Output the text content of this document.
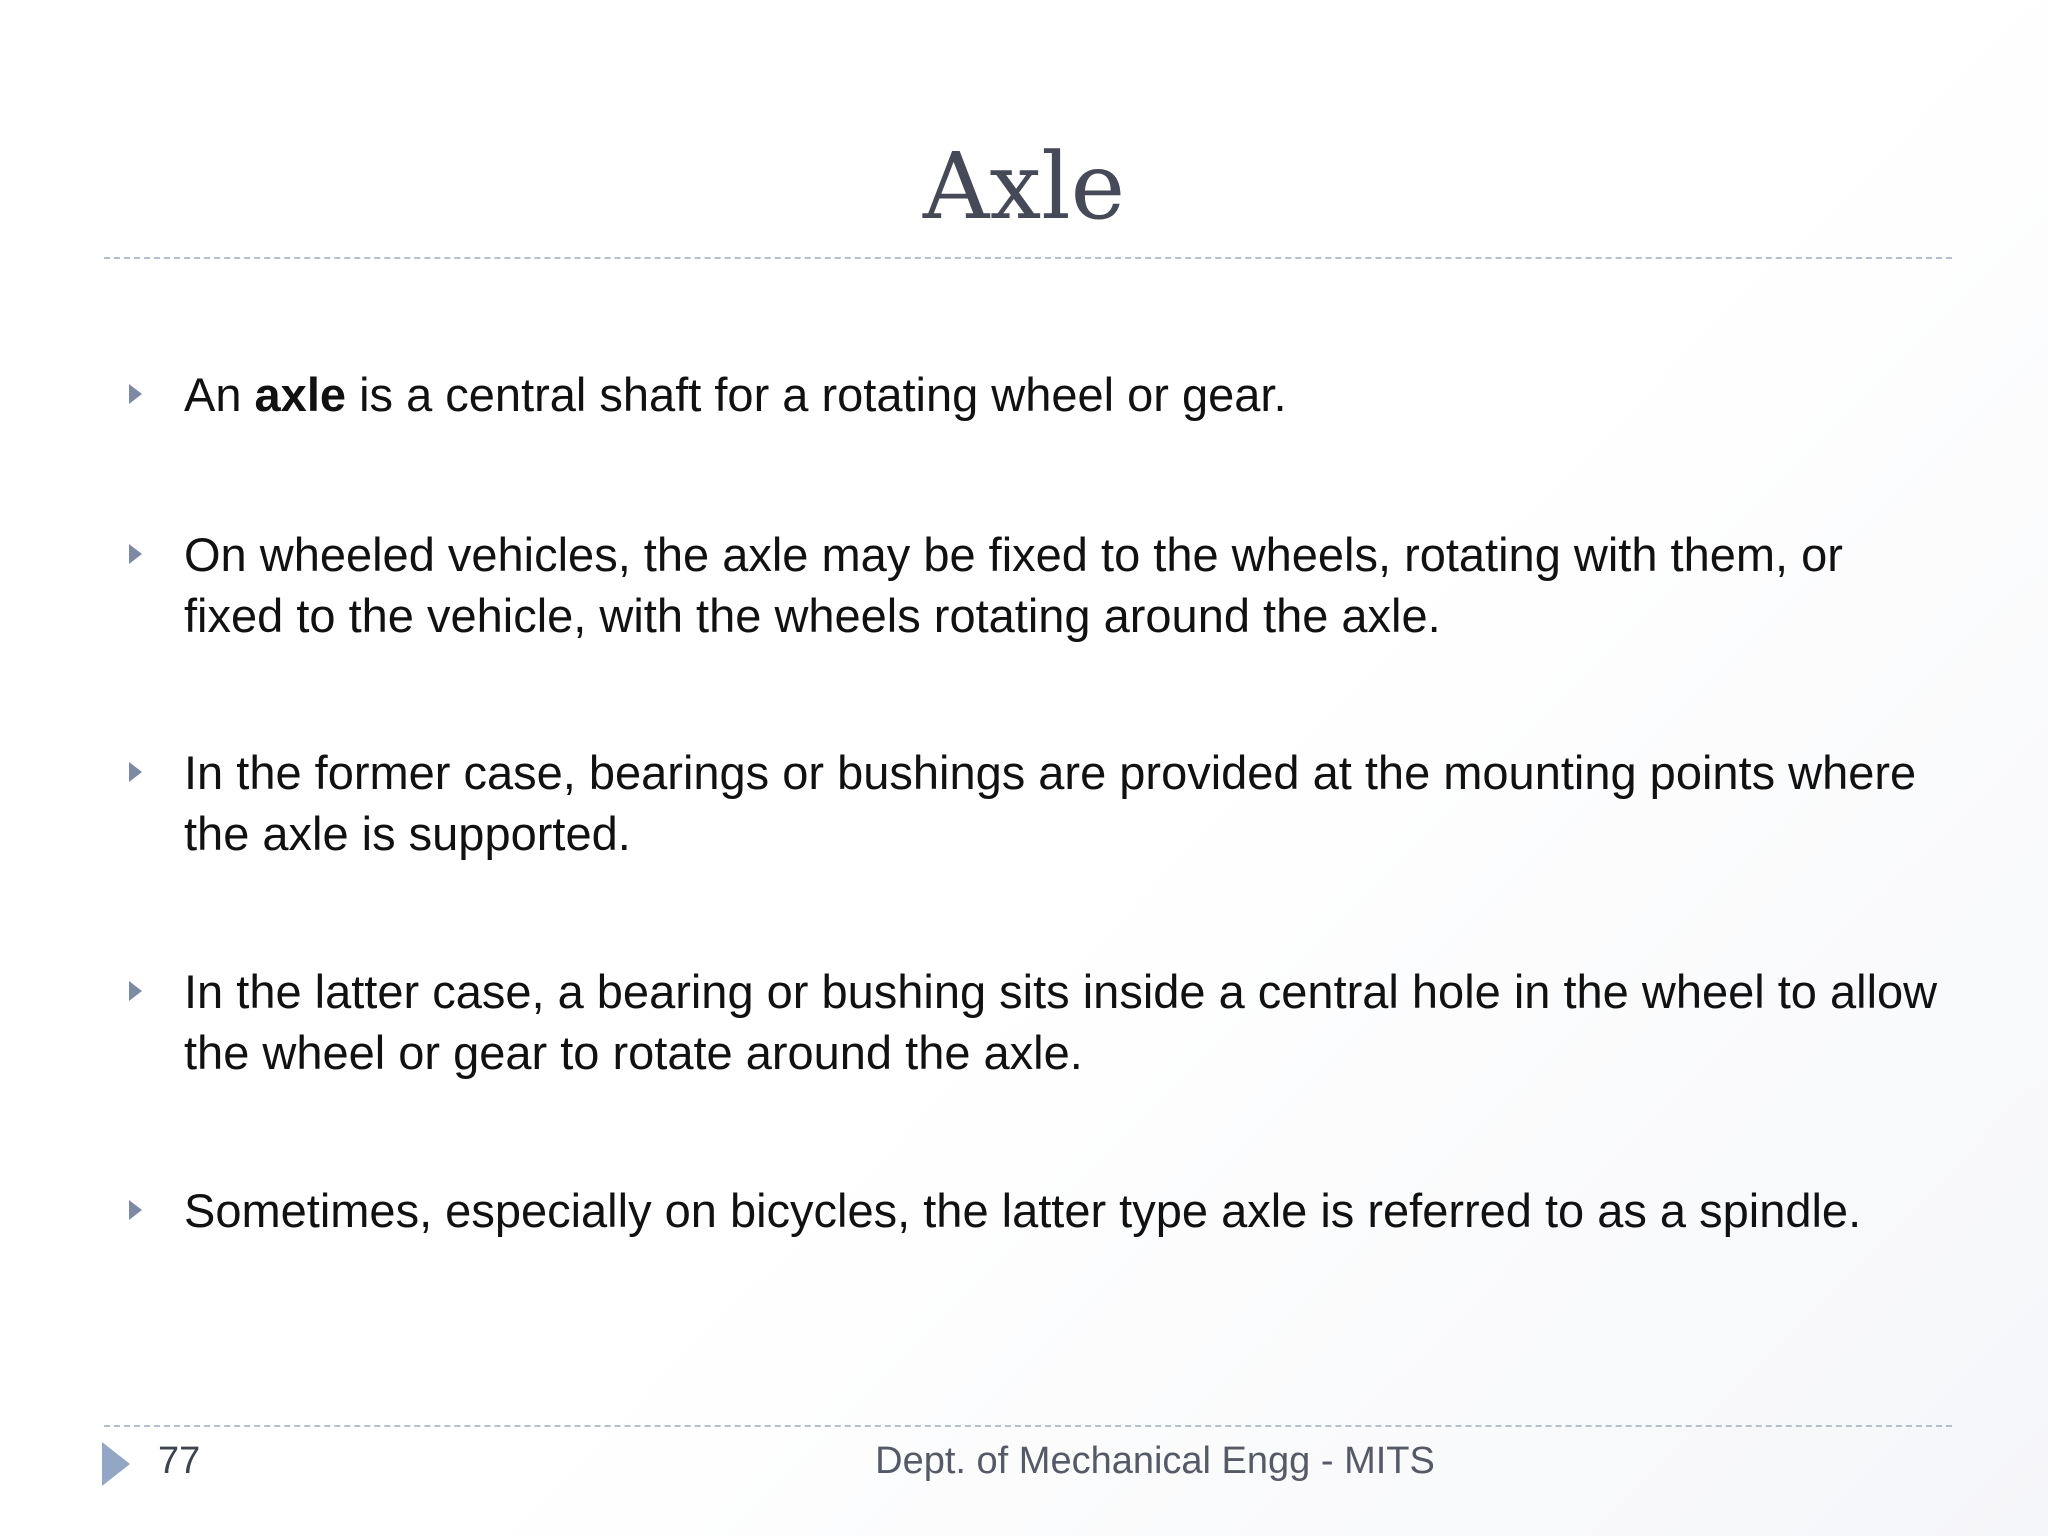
Axle
An axle is a central shaft for a rotating wheel or gear.
On wheeled vehicles, the axle may be fixed to the wheels, rotating with them, or fixed to the vehicle, with the wheels rotating around the axle.
In the former case, bearings or bushings are provided at the mounting points where the axle is supported.
In the latter case, a bearing or bushing sits inside a central hole in the wheel to allow the wheel or gear to rotate around the axle.
Sometimes, especially on bicycles, the latter type axle is referred to as a spindle.
77	Dept. of Mechanical Engg - MITS
